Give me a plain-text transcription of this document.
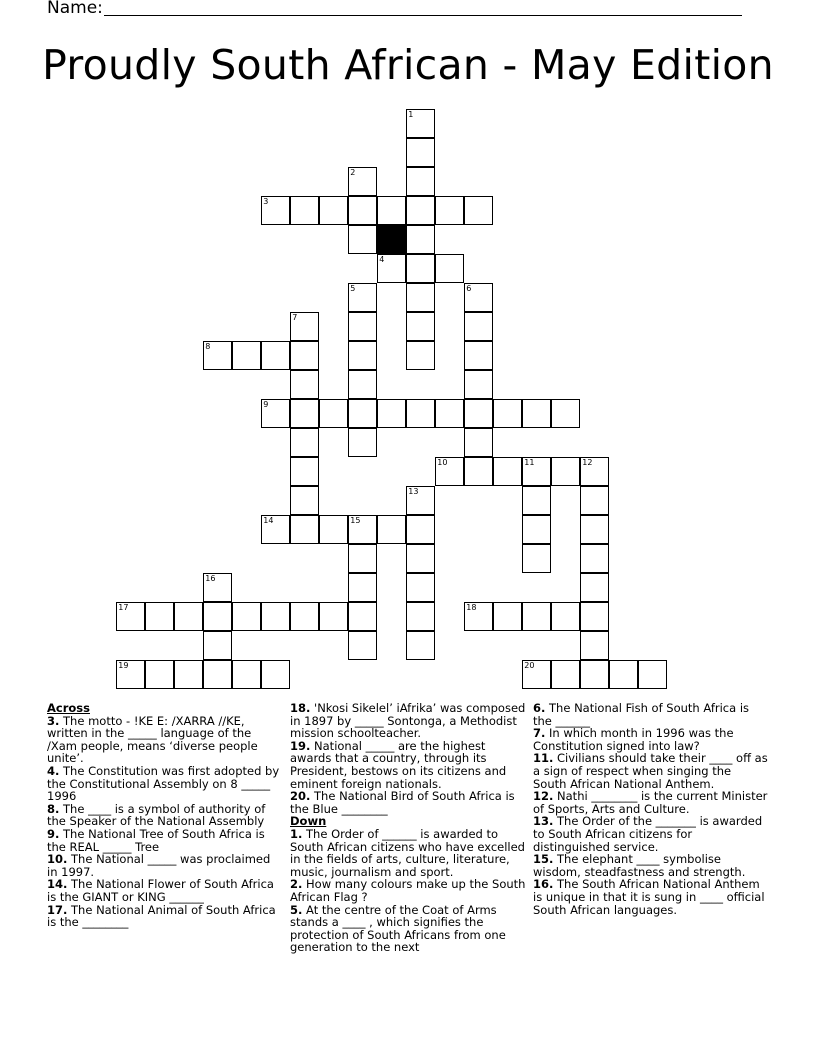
Name:
Proudly South African - May Edition
1
2
3
4
5	6
7
8
9
10	11	12
13
14	15
16
17	18
19	20
Across
3. The motto - !KE E: /XARRA //KE, written in the _____ language of the /Xam people, means ‘diverse people unite’.
4. The Constitution was first adopted by the Constitutional Assembly on 8 _____ 1996
8. The ____ is a symbol of authority of the Speaker of the National Assembly
9. The National Tree of South Africa is the REAL _____ Tree
10. The National _____ was proclaimed in 1997.
14. The National Flower of South Africa is the GIANT or KING ______
17. The National Animal of South Africa is the ________
18. 'Nkosi Sikelel’ iAfrika’ was composed in 1897 by _____ Sontonga, a Methodist mission schoolteacher.
19. National _____ are the highest awards that a country, through its President, bestows on its citizens and eminent foreign nationals.
20. The National Bird of South Africa is the Blue ________
Down
1. The Order of ______ is awarded to South African citizens who have excelled in the fields of arts, culture, literature, music, journalism and sport.
2. How many colours make up the South African Flag ?
5. At the centre of the Coat of Arms stands a ____ , which signifies the protection of South Africans from one generation to the next
6. The National Fish of South Africa is the ______
7. In which month in 1996 was the Constitution signed into law?
11. Civilians should take their ____ off as a sign of respect when singing the South African National Anthem.
12. Nathi ________ is the current Minister of Sports, Arts and Culture.
13. The Order of the _______ is awarded to South African citizens for distinguished service.
15. The elephant ____ symbolise wisdom, steadfastness and strength.
16. The South African National Anthem is unique in that it is sung in ____ official South African languages.
